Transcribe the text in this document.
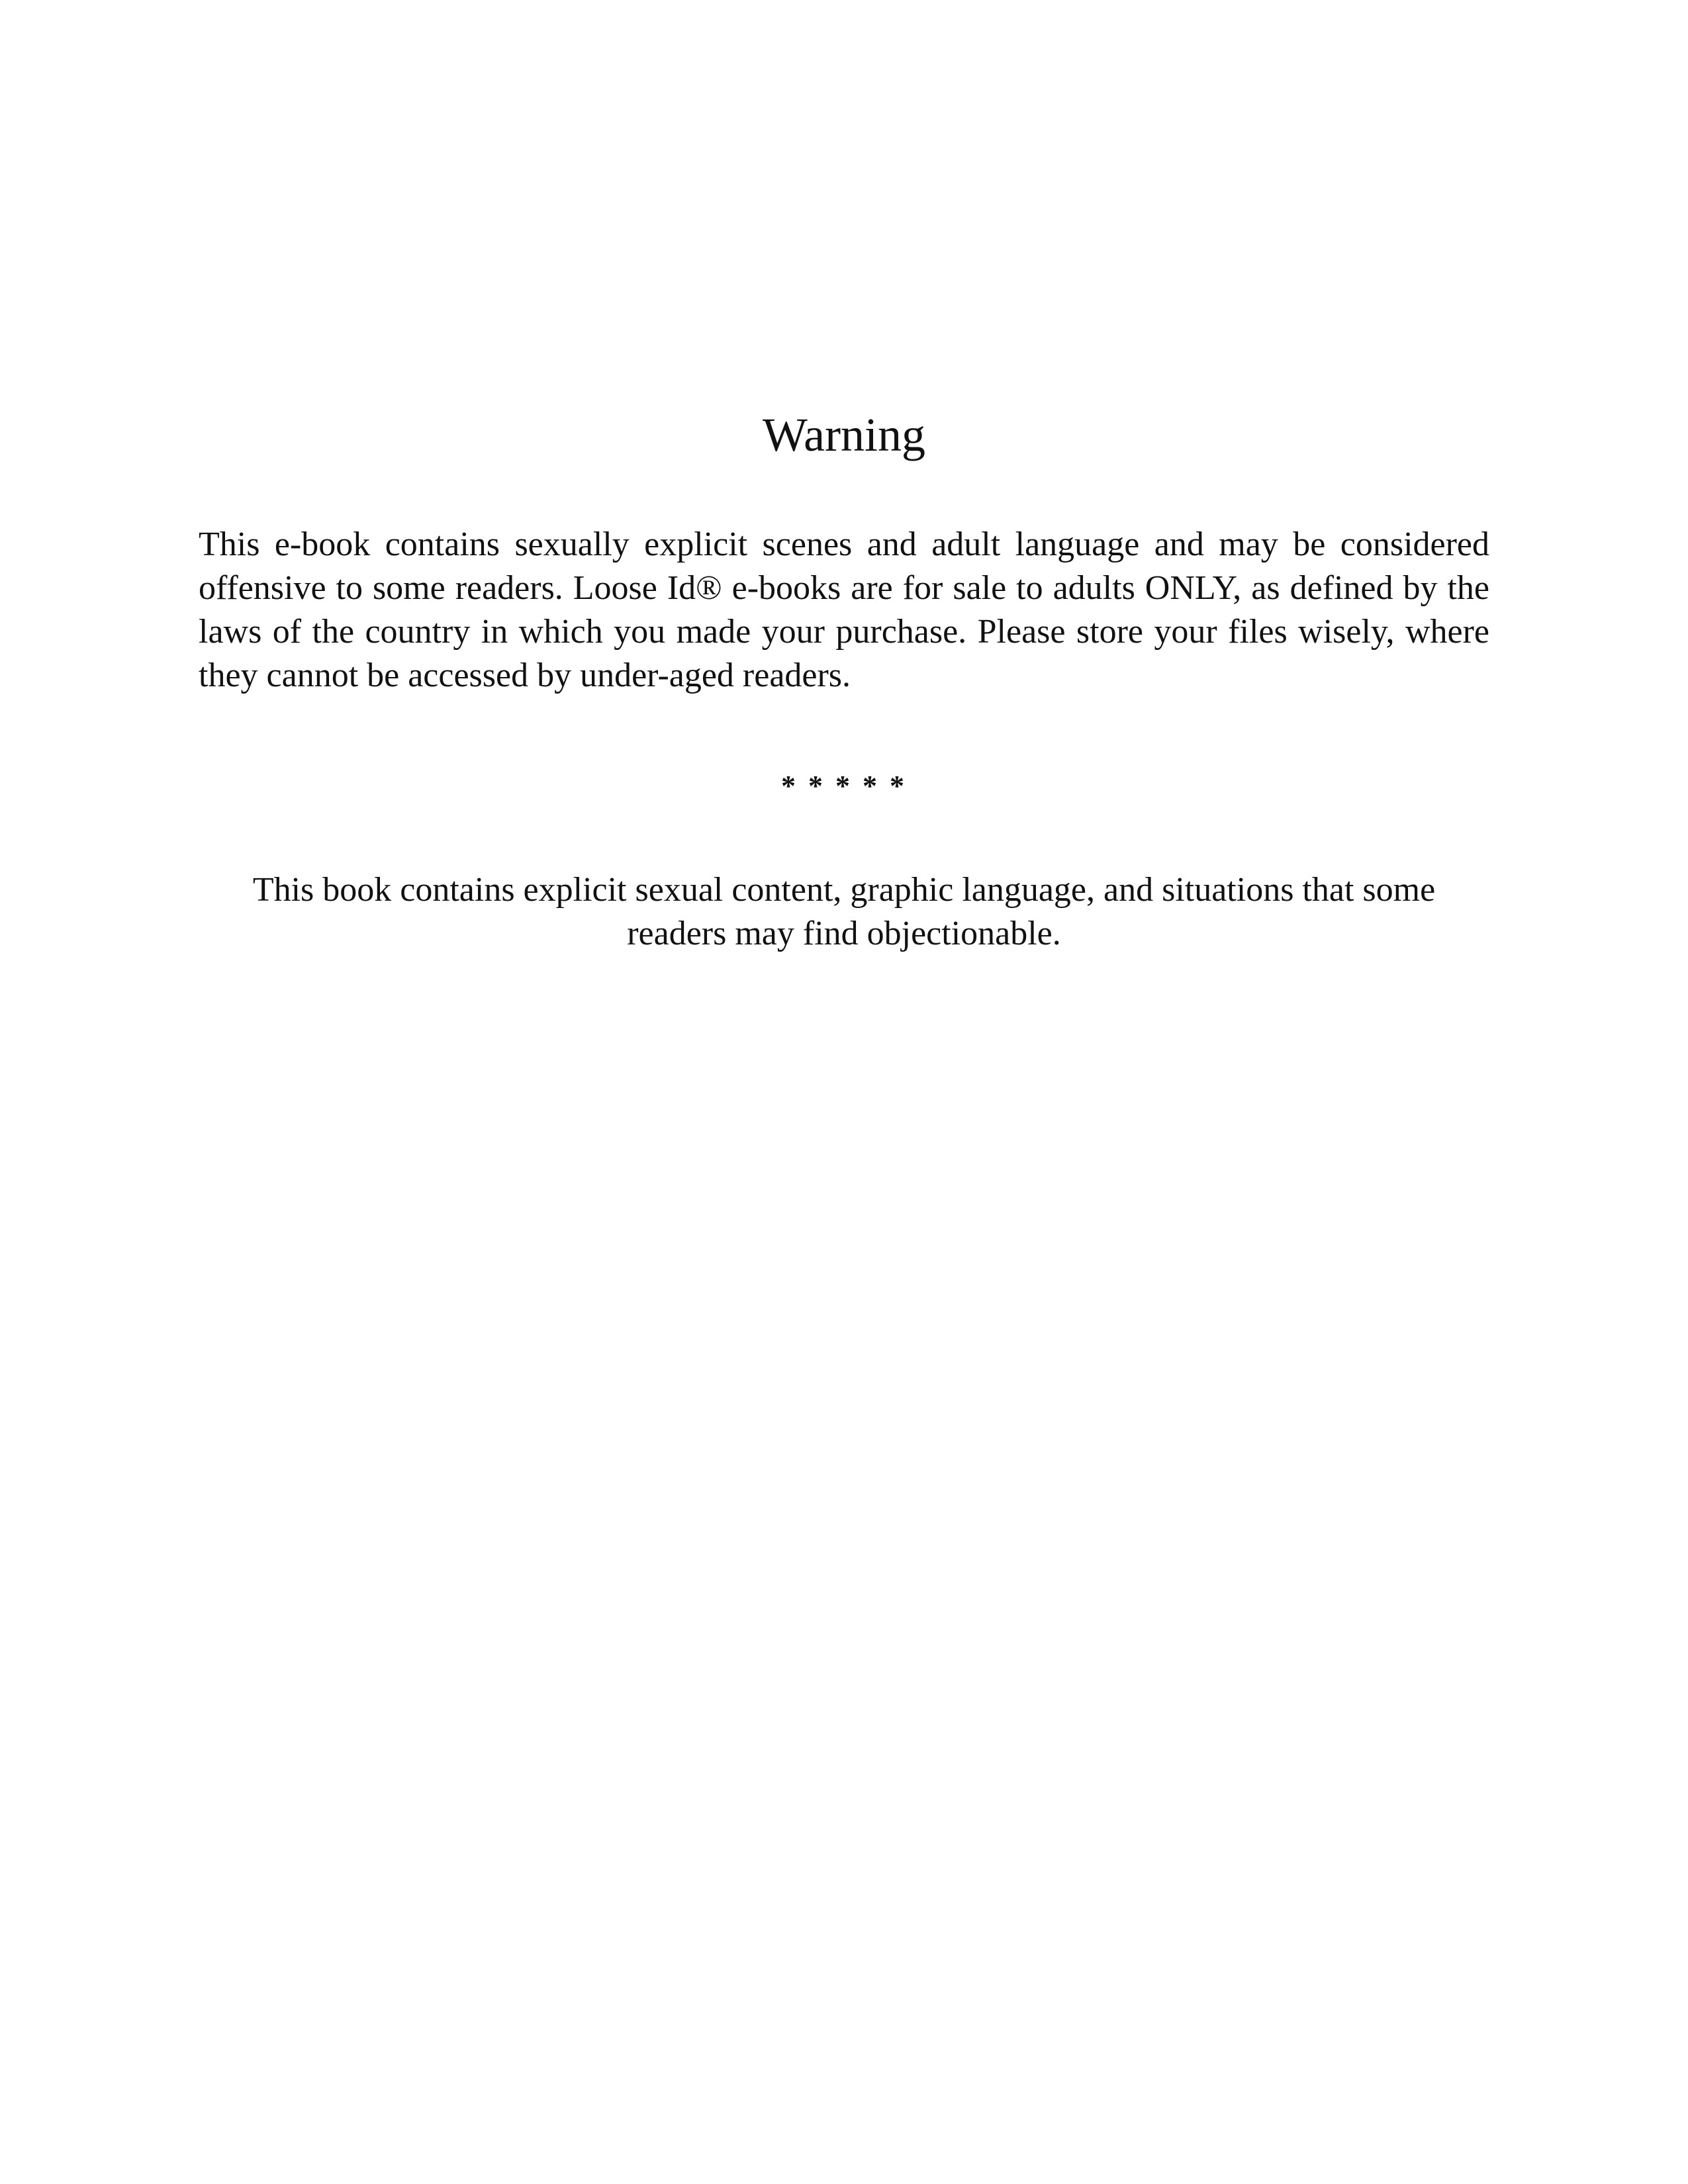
Warning

This e-book contains sexually explicit scenes and adult language and may be considered offensive to some readers. Loose Id® e-books are for sale to adults ONLY, as defined by the laws of the country in which you made your purchase. Please store your files wisely, where they cannot be accessed by under-aged readers.

* * * * *

This book contains explicit sexual content, graphic language, and situations that some readers may find objectionable.
